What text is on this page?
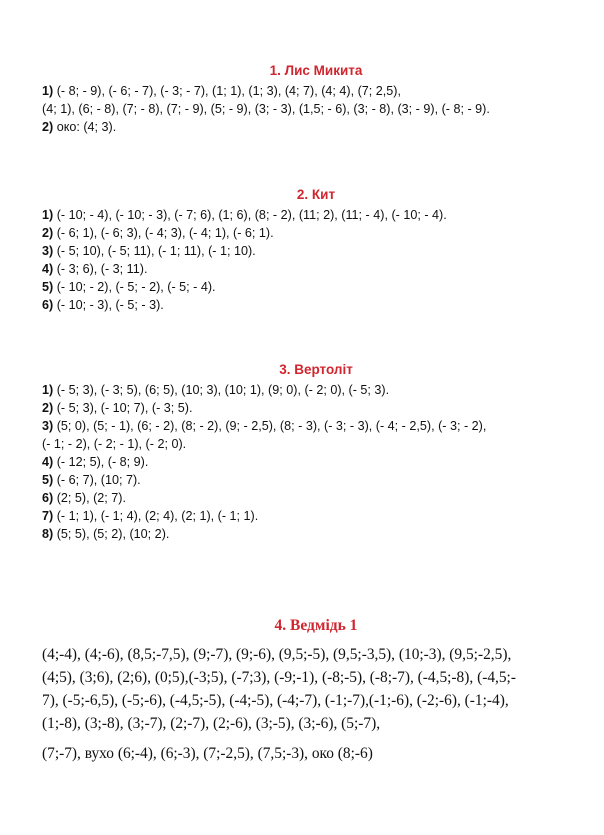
1. Лис Микита
1) (- 8; - 9), (- 6; - 7), (- 3; - 7), (1; 1), (1; 3), (4; 7), (4; 4), (7; 2,5),
(4; 1), (6; - 8), (7; - 8), (7; - 9), (5; - 9), (3; - 3), (1,5; - 6), (3; - 8), (3; - 9), (- 8; - 9).
2) око: (4; 3).
2. Кит
1) (- 10; - 4), (- 10; - 3), (- 7; 6), (1; 6), (8; - 2), (11; 2), (11; - 4), (- 10; - 4).
2) (- 6; 1), (- 6; 3), (- 4; 3), (- 4; 1), (- 6; 1).
3) (- 5; 10), (- 5; 11), (- 1; 11), (- 1; 10).
4) (- 3; 6), (- 3; 11).
5) (- 10; - 2), (- 5; - 2), (- 5; - 4).
6) (- 10; - 3), (- 5; - 3).
3. Вертоліт
1) (- 5; 3), (- 3; 5), (6; 5), (10; 3), (10; 1), (9; 0), (- 2; 0), (- 5; 3).
2) (- 5; 3), (- 10; 7), (- 3; 5).
3) (5; 0), (5; - 1), (6; - 2), (8; - 2), (9; - 2,5), (8; - 3), (- 3; - 3), (- 4; - 2,5), (- 3; - 2),
(- 1; - 2), (- 2; - 1), (- 2; 0).
4) (- 12; 5), (- 8; 9).
5) (- 6; 7), (10; 7).
6) (2; 5), (2; 7).
7) (- 1; 1), (- 1; 4), (2; 4), (2; 1), (- 1; 1).
8) (5; 5), (5; 2), (10; 2).
4. Ведмідь 1
(4;-4), (4;-6), (8,5;-7,5), (9;-7), (9;-6), (9,5;-5), (9,5;-3,5), (10;-3), (9,5;-2,5),
(4;5), (3;6), (2;6), (0;5),(-3;5), (-7;3), (-9;-1), (-8;-5), (-8;-7), (-4,5;-8), (-4,5;-
7), (-5;-6,5), (-5;-6), (-4,5;-5), (-4;-5), (-4;-7), (-1;-7),(-1;-6), (-2;-6), (-1;-4),
(1;-8), (3;-8), (3;-7), (2;-7), (2;-6), (3;-5), (3;-6), (5;-7),
(7;-7), вухо (6;-4), (6;-3), (7;-2,5), (7,5;-3), око (8;-6)
